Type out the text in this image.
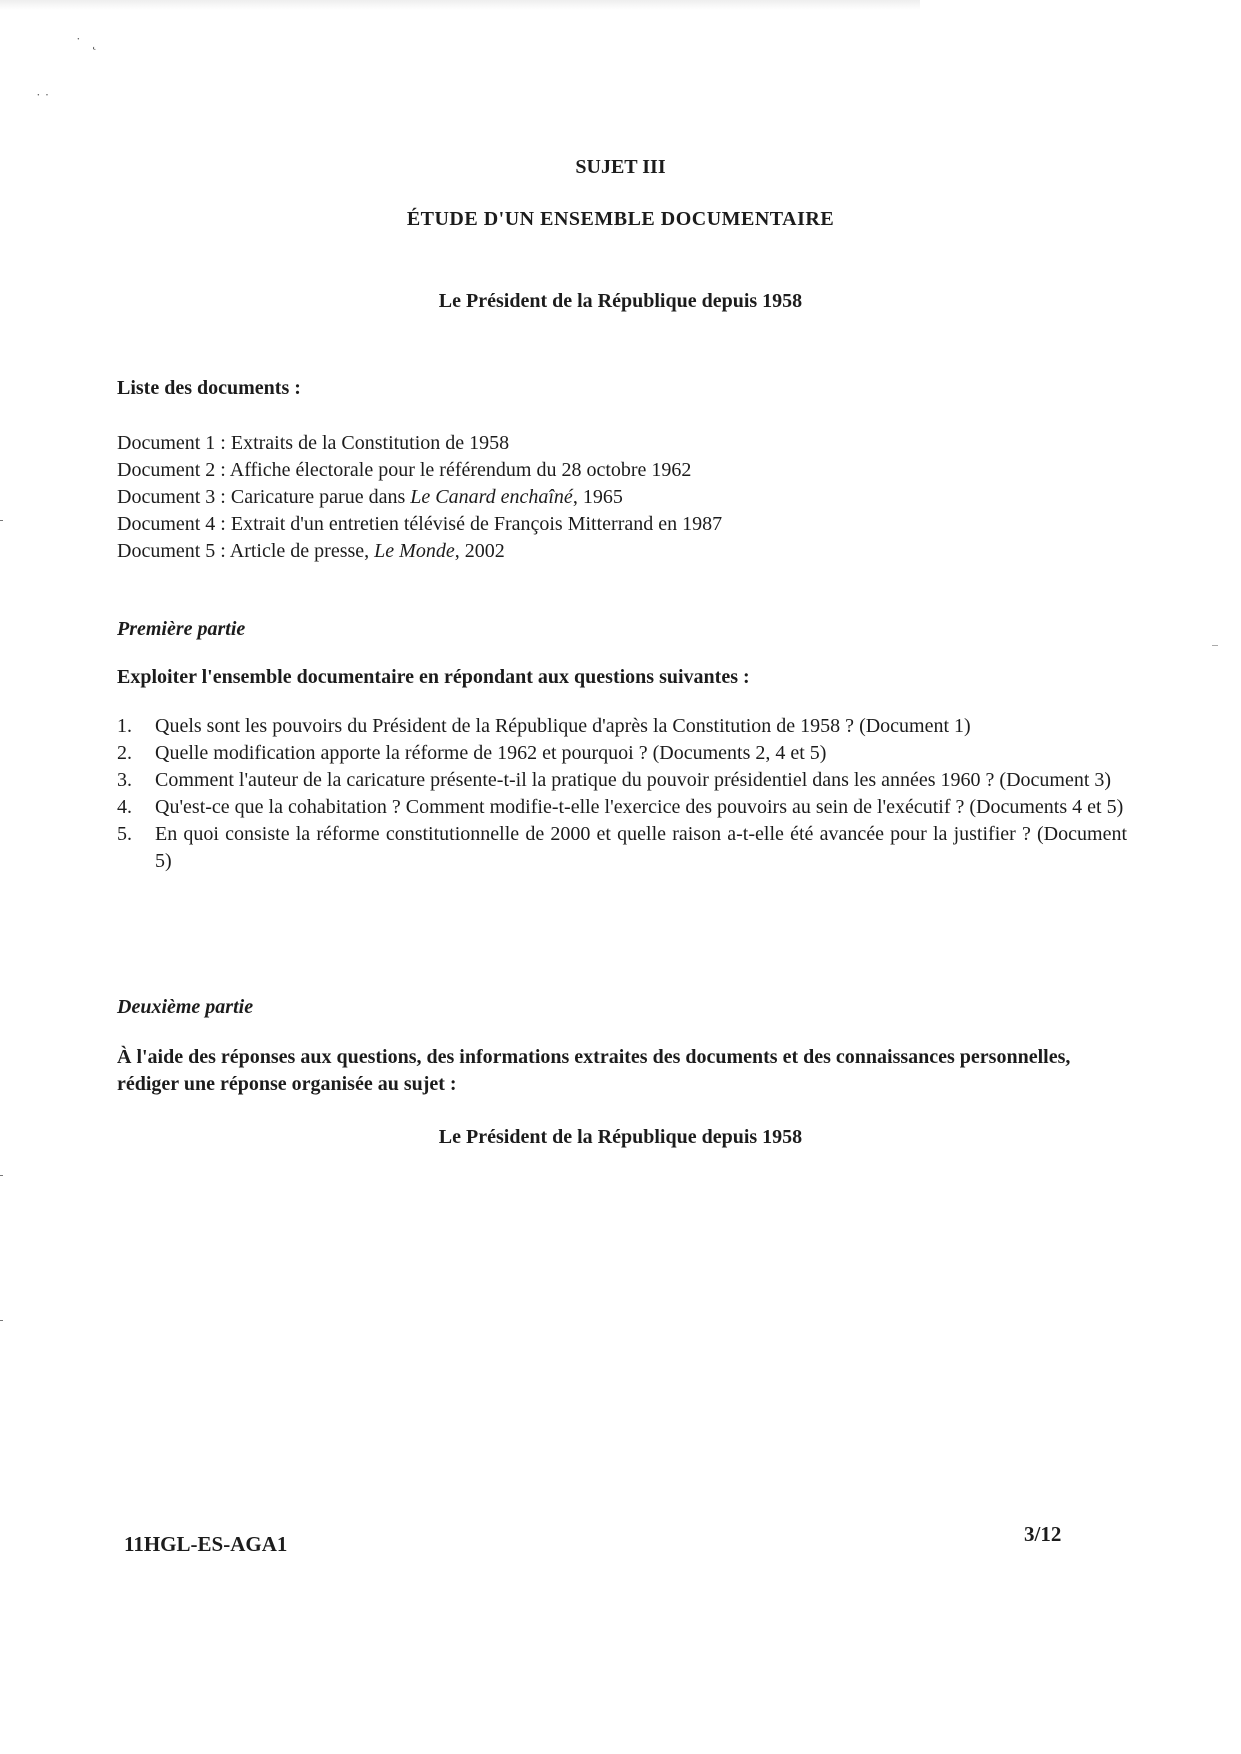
˙ ˛
˙˙
SUJET III
ÉTUDE D'UN ENSEMBLE DOCUMENTAIRE
Le Président de la République depuis 1958
Liste des documents :
Document 1 : Extraits de la Constitution de 1958
Document 2 : Affiche électorale pour le référendum du 28 octobre 1962
Document 3 : Caricature parue dans Le Canard enchaîné, 1965
Document 4 : Extrait d'un entretien télévisé de François Mitterrand en 1987
Document 5 : Article de presse, Le Monde, 2002
Première partie
Exploiter l'ensemble documentaire en répondant aux questions suivantes :
1. Quels sont les pouvoirs du Président de la République d'après la Constitution de 1958 ? (Document 1)
2. Quelle modification apporte la réforme de 1962 et pourquoi ? (Documents 2, 4 et 5)
3. Comment l'auteur de la caricature présente-t-il la pratique du pouvoir présidentiel dans les années 1960 ? (Document 3)
4. Qu'est-ce que la cohabitation ? Comment modifie-t-elle l'exercice des pouvoirs au sein de l'exécutif ? (Documents 4 et 5)
5. En quoi consiste la réforme constitutionnelle de 2000 et quelle raison a-t-elle été avancée pour la justifier ? (Document 5)
Deuxième partie
À l'aide des réponses aux questions, des informations extraites des documents et des connaissances personnelles, rédiger une réponse organisée au sujet :
Le Président de la République depuis 1958
11HGL-ES-AGA1	3/12
